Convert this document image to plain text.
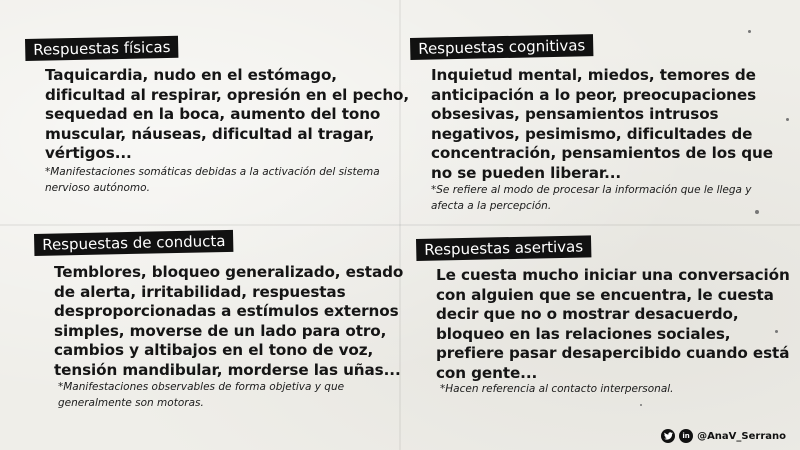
Respuestas físicas
Taquicardia, nudo en el estómago,
dificultad al respirar, opresión en el pecho,
sequedad en la boca, aumento del tono
muscular, náuseas, dificultad al tragar,
vértigos...
*Manifestaciones somáticas debidas a la activación del sistema
nervioso autónomo.
Respuestas cognitivas
Inquietud mental, miedos, temores de
anticipación a lo peor, preocupaciones
obsesivas, pensamientos intrusos
negativos, pesimismo, dificultades de
concentración, pensamientos de los que
no se pueden liberar...
*Se refiere al modo de procesar la información que le llega y
afecta a la percepción.
Respuestas de conducta
Temblores, bloqueo generalizado, estado
de alerta, irritabilidad, respuestas
desproporcionadas a estímulos externos
simples, moverse de un lado para otro,
cambios y altibajos en el tono de voz,
tensión mandibular, morderse las uñas...
*Manifestaciones observables de forma objetiva y que
generalmente son motoras.
Respuestas asertivas
Le cuesta mucho iniciar una conversación
con alguien que se encuentra, le cuesta
decir que no o mostrar desacuerdo,
bloqueo en las relaciones sociales,
prefiere pasar desapercibido cuando está
con gente...
*Hacen referencia al contacto interpersonal.
in @AnaV_Serrano
